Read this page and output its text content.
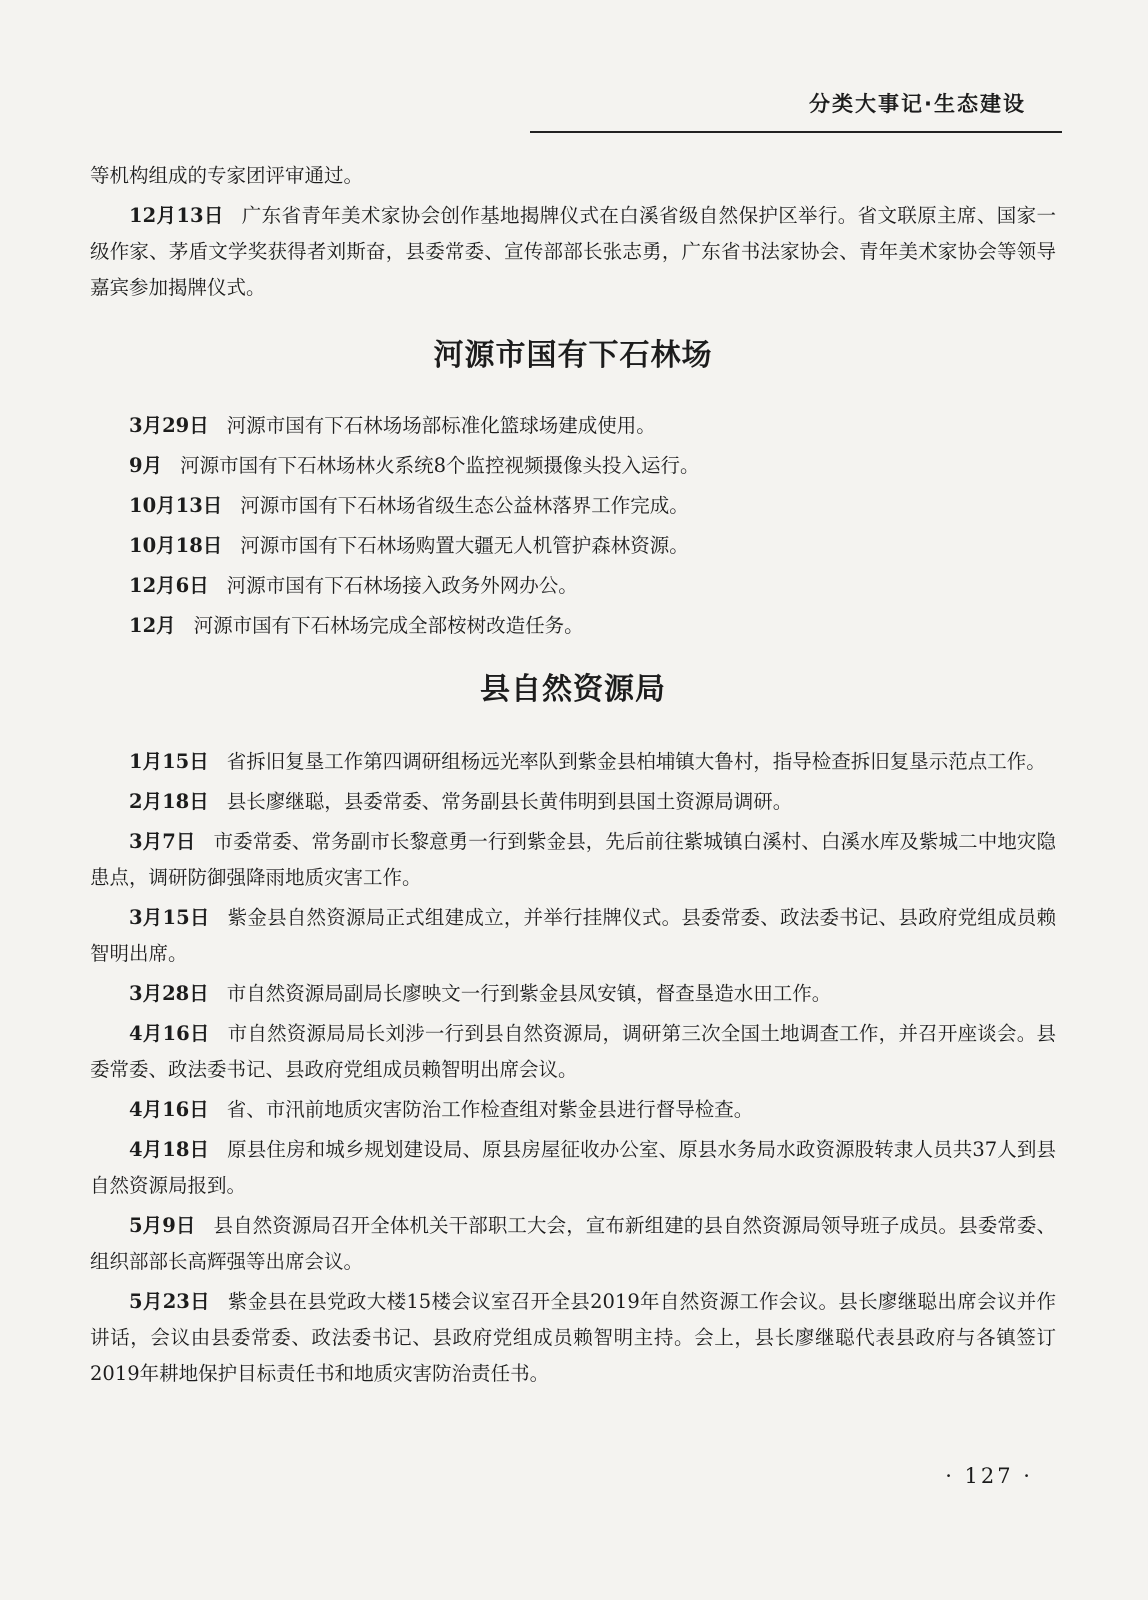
分类大事记·生态建设

等机构组成的专家团评审通过。

12月13日 广东省青年美术家协会创作基地揭牌仪式在白溪省级自然保护区举行。省文联原主席、国家一级作家、茅盾文学奖获得者刘斯奋，县委常委、宣传部部长张志勇，广东省书法家协会、青年美术家协会等领导嘉宾参加揭牌仪式。

河源市国有下石林场

3月29日 河源市国有下石林场场部标准化篮球场建成使用。

9月 河源市国有下石林场林火系统8个监控视频摄像头投入运行。

10月13日 河源市国有下石林场省级生态公益林落界工作完成。

10月18日 河源市国有下石林场购置大疆无人机管护森林资源。

12月6日 河源市国有下石林场接入政务外网办公。

12月 河源市国有下石林场完成全部桉树改造任务。

县自然资源局

1月15日 省拆旧复垦工作第四调研组杨远光率队到紫金县柏埔镇大鲁村，指导检查拆旧复垦示范点工作。

2月18日 县长廖继聪，县委常委、常务副县长黄伟明到县国土资源局调研。

3月7日 市委常委、常务副市长黎意勇一行到紫金县，先后前往紫城镇白溪村、白溪水库及紫城二中地灾隐患点，调研防御强降雨地质灾害工作。

3月15日 紫金县自然资源局正式组建成立，并举行挂牌仪式。县委常委、政法委书记、县政府党组成员赖智明出席。

3月28日 市自然资源局副局长廖映文一行到紫金县凤安镇，督查垦造水田工作。

4月16日 市自然资源局局长刘涉一行到县自然资源局，调研第三次全国土地调查工作，并召开座谈会。县委常委、政法委书记、县政府党组成员赖智明出席会议。

4月16日 省、市汛前地质灾害防治工作检查组对紫金县进行督导检查。

4月18日 原县住房和城乡规划建设局、原县房屋征收办公室、原县水务局水政资源股转隶人员共37人到县自然资源局报到。

5月9日 县自然资源局召开全体机关干部职工大会，宣布新组建的县自然资源局领导班子成员。县委常委、组织部部长高辉强等出席会议。

5月23日 紫金县在县党政大楼15楼会议室召开全县2019年自然资源工作会议。县长廖继聪出席会议并作讲话，会议由县委常委、政法委书记、县政府党组成员赖智明主持。会上，县长廖继聪代表县政府与各镇签订2019年耕地保护目标责任书和地质灾害防治责任书。

· 127 ·
